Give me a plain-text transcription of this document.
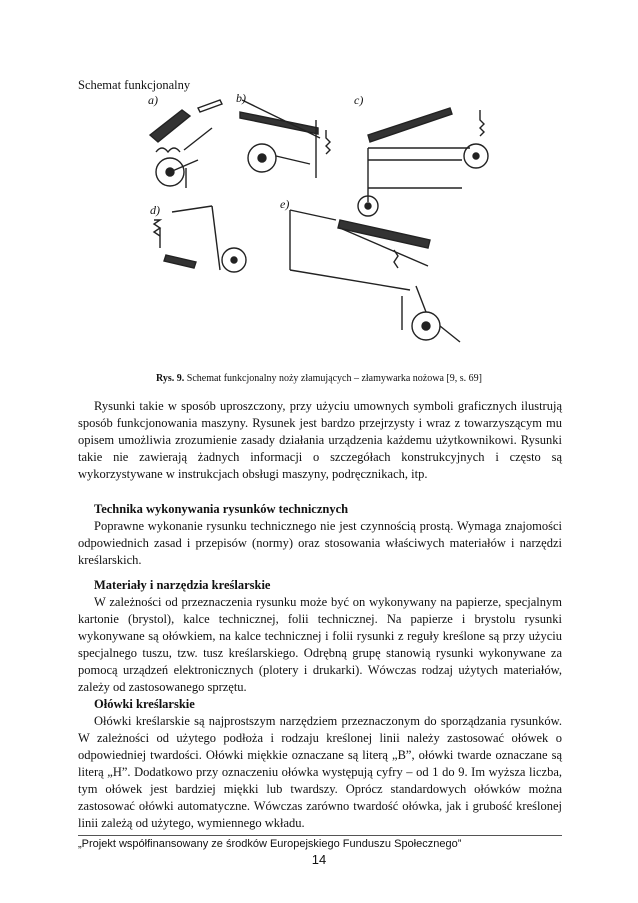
Schemat funkcjonalny
a)	b)	c)
d)	e)
Rys. 9. Schemat funkcjonalny noży złamujących – złamywarka nożowa [9, s. 69]

Rysunki takie w sposób uproszczony, przy użyciu umownych symboli graficznych ilustrują sposób funkcjonowania maszyny. Rysunek jest bardzo przejrzysty i wraz z towarzyszącym mu opisem umożliwia zrozumienie zasady działania urządzenia każdemu użytkownikowi. Rysunki takie nie zawierają żadnych informacji o szczegółach konstrukcyjnych i często są wykorzystywane w instrukcjach obsługi maszyny, podręcznikach, itp.

Technika wykonywania rysunków technicznych

Poprawne wykonanie rysunku technicznego nie jest czynnością prostą. Wymaga znajomości odpowiednich zasad i przepisów (normy) oraz stosowania właściwych materiałów i narzędzi kreślarskich.

Materiały i narzędzia kreślarskie

W zależności od przeznaczenia rysunku może być on wykonywany na papierze, specjalnym kartonie (brystol), kalce technicznej, folii technicznej. Na papierze i brystolu rysunki wykonywane są ołówkiem, na kalce technicznej i folii rysunki z reguły kreślone są przy użyciu specjalnego tuszu, tzw. tusz kreślarskiego. Odrębną grupę stanowią rysunki wykonywane za pomocą urządzeń elektronicznych (plotery i drukarki). Wówczas rodzaj użytych materiałów, zależy od zastosowanego sprzętu.

Ołówki kreślarskie

Ołówki kreślarskie są najprostszym narzędziem przeznaczonym do sporządzania rysunków. W zależności od użytego podłoża i rodzaju kreślonej linii należy zastosować ołówek o odpowiedniej twardości. Ołówki miękkie oznaczane są literą „B”, ołówki twarde oznaczane są literą „H”. Dodatkowo przy oznaczeniu ołówka występują cyfry – od 1 do 9. Im wyższa liczba, tym ołówek jest bardziej miękki lub twardszy. Oprócz standardowych ołówków można zastosować ołówki automatyczne. Wówczas zarówno twardość ołówka, jak i grubość kreślonej linii zależą od użytego, wymiennego wkładu.

„Projekt współfinansowany ze środków Europejskiego Funduszu Społecznego”
14
